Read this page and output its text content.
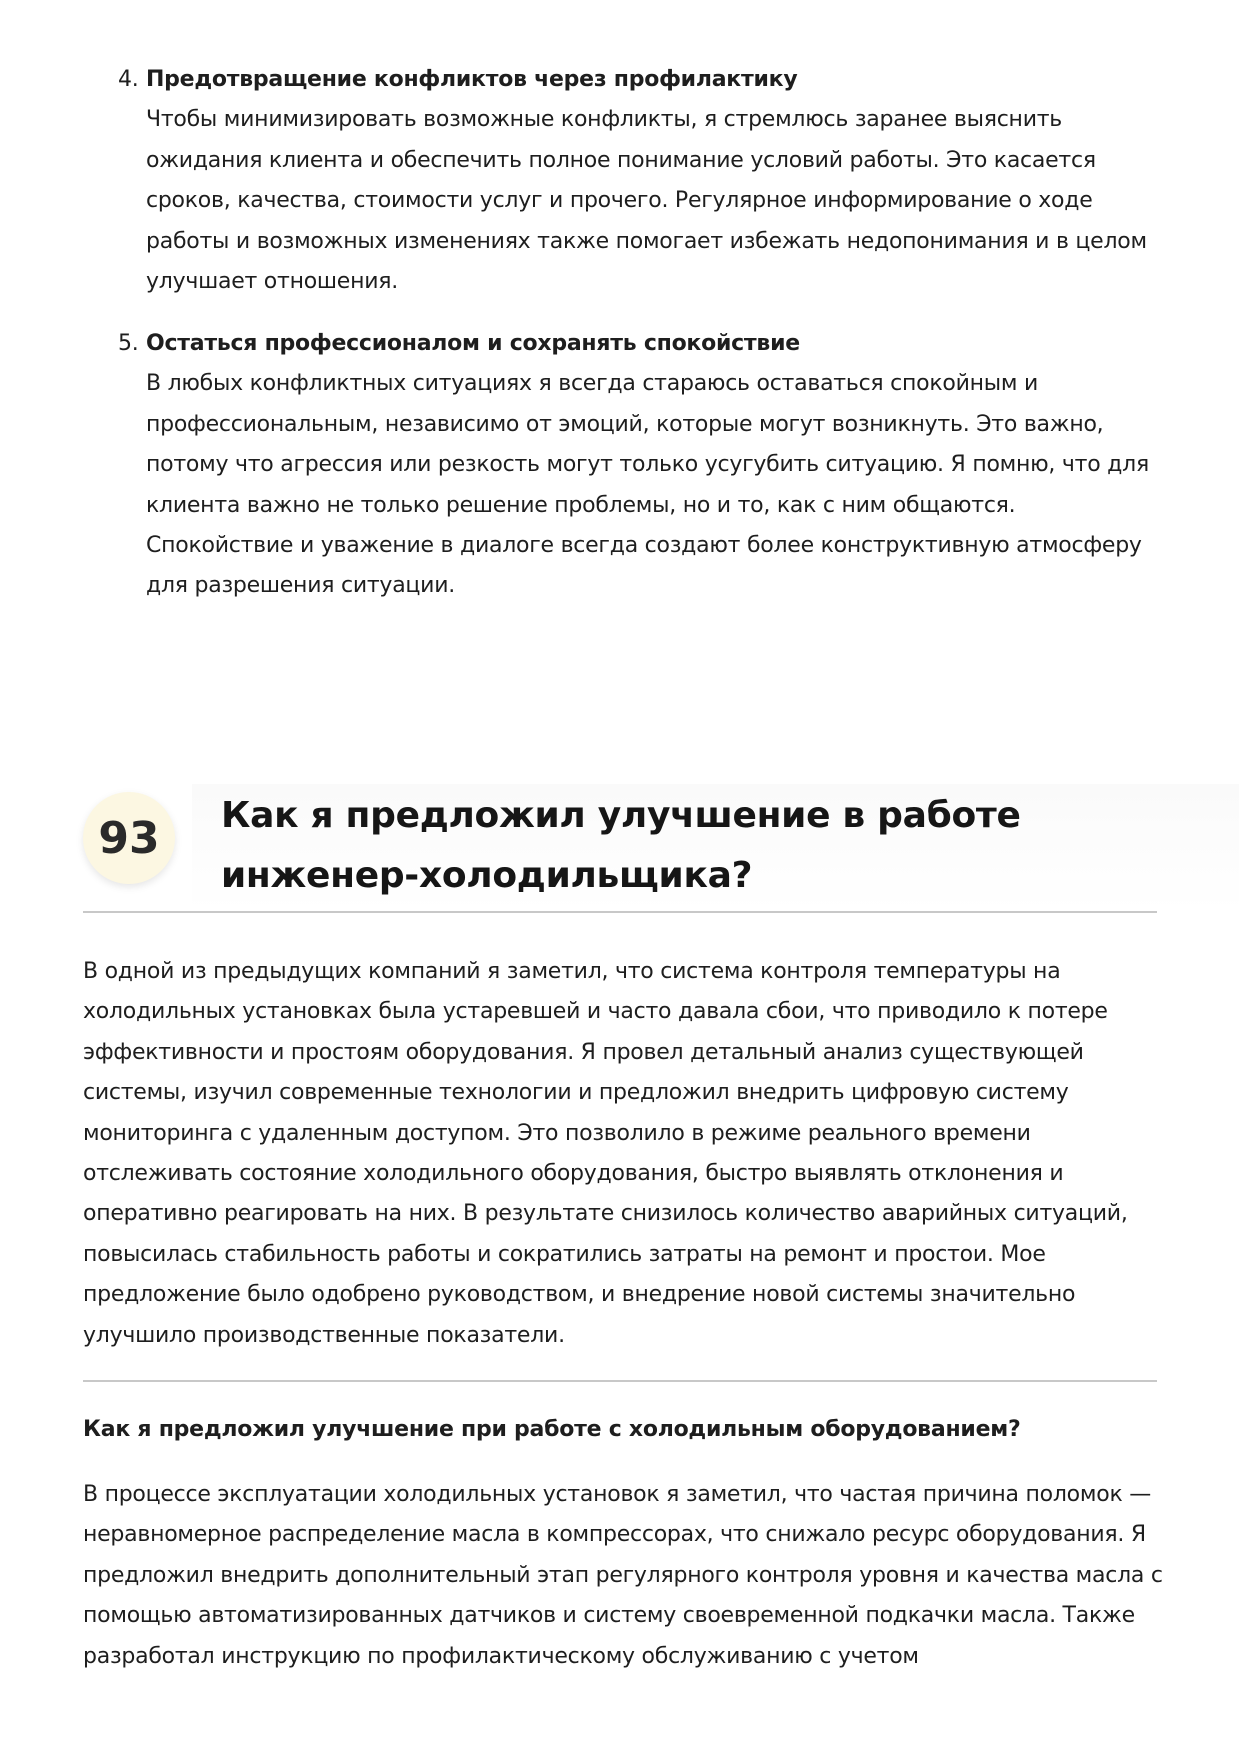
4. Предотвращение конфликтов через профилактику

Чтобы минимизировать возможные конфликты, я стремлюсь заранее выяснить ожидания клиента и обеспечить полное понимание условий работы. Это касается сроков, качества, стоимости услуг и прочего. Регулярное информирование о ходе работы и возможных изменениях также помогает избежать недопонимания и в целом улучшает отношения.

5. Остаться профессионалом и сохранять спокойствие

В любых конфликтных ситуациях я всегда стараюсь оставаться спокойным и профессиональным, независимо от эмоций, которые могут возникнуть. Это важно, потому что агрессия или резкость могут только усугубить ситуацию. Я помню, что для клиента важно не только решение проблемы, но и то, как с ним общаются. Спокойствие и уважение в диалоге всегда создают более конструктивную атмосферу для разрешения ситуации.

93	Как я предложил улучшение в работе инженер-холодильщика?

В одной из предыдущих компаний я заметил, что система контроля температуры на холодильных установках была устаревшей и часто давала сбои, что приводило к потере эффективности и простоям оборудования. Я провел детальный анализ существующей системы, изучил современные технологии и предложил внедрить цифровую систему мониторинга с удаленным доступом. Это позволило в режиме реального времени отслеживать состояние холодильного оборудования, быстро выявлять отклонения и оперативно реагировать на них. В результате снизилось количество аварийных ситуаций, повысилась стабильность работы и сократились затраты на ремонт и простои. Мое предложение было одобрено руководством, и внедрение новой системы значительно улучшило производственные показатели.

Как я предложил улучшение при работе с холодильным оборудованием?

В процессе эксплуатации холодильных установок я заметил, что частая причина поломок — неравномерное распределение масла в компрессорах, что снижало ресурс оборудования. Я предложил внедрить дополнительный этап регулярного контроля уровня и качества масла с помощью автоматизированных датчиков и систему своевременной подкачки масла. Также разработал инструкцию по профилактическому обслуживанию с учетом
